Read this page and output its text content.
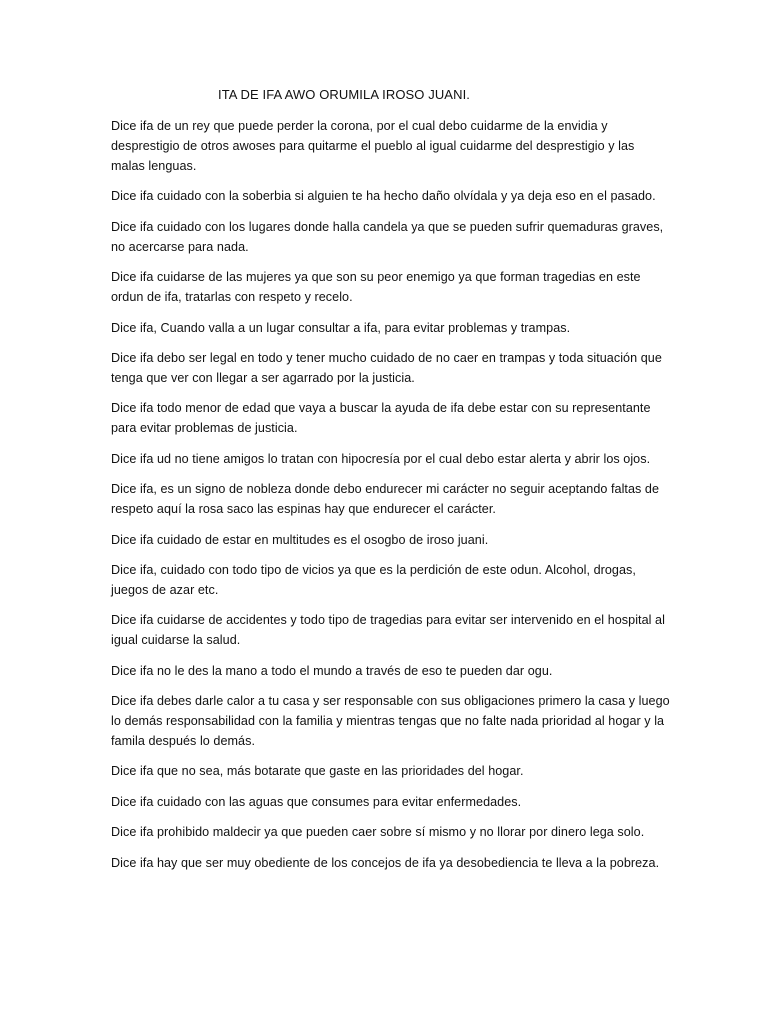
ITA DE IFA AWO ORUMILA IROSO JUANI.

Dice ifa de un rey que puede perder la corona, por el cual debo cuidarme de la envidia y desprestigio de otros awoses para quitarme el pueblo al igual cuidarme del desprestigio y las malas lenguas.

Dice ifa cuidado con la soberbia si alguien te ha hecho daño olvídala y ya deja eso en el pasado.

Dice ifa cuidado con los lugares donde halla candela ya que se pueden sufrir quemaduras graves, no acercarse para nada.

Dice ifa cuidarse de las mujeres ya que son su peor enemigo ya que forman tragedias en este ordun de ifa, tratarlas con respeto y recelo.

Dice ifa, Cuando valla a un lugar consultar a ifa, para evitar problemas y trampas.

Dice ifa debo ser legal en todo y tener mucho cuidado de no caer en trampas y toda situación que tenga que ver con llegar a ser agarrado por la justicia.

Dice ifa todo menor de edad que vaya a buscar la ayuda de ifa debe estar con su representante para evitar problemas de justicia.

Dice ifa ud no tiene amigos lo tratan con hipocresía por el cual debo estar alerta y abrir los ojos.

Dice ifa, es un signo de nobleza donde debo endurecer mi carácter no seguir aceptando faltas de respeto aquí la rosa saco las espinas hay que endurecer el carácter.

Dice ifa cuidado de estar en multitudes es el osogbo de iroso juani.

Dice ifa, cuidado con todo tipo de vicios ya que es la perdición de este odun. Alcohol, drogas, juegos de azar etc.

Dice ifa cuidarse de accidentes y todo tipo de tragedias para evitar ser intervenido en el hospital al igual cuidarse la salud.

Dice ifa no le des la mano a todo el mundo a través de eso te pueden dar ogu.

Dice ifa debes darle calor a tu casa y ser responsable con sus obligaciones primero la casa y luego lo demás responsabilidad con la familia y mientras tengas que no falte nada prioridad al hogar y la famila después lo demás.

Dice ifa que no sea, más botarate que gaste en las prioridades del hogar.

Dice ifa cuidado con las aguas que consumes para evitar enfermedades.

Dice ifa prohibido maldecir ya que pueden caer sobre sí mismo y no llorar por dinero lega solo.

Dice ifa hay que ser muy obediente de los concejos de ifa ya desobediencia te lleva a la pobreza.
